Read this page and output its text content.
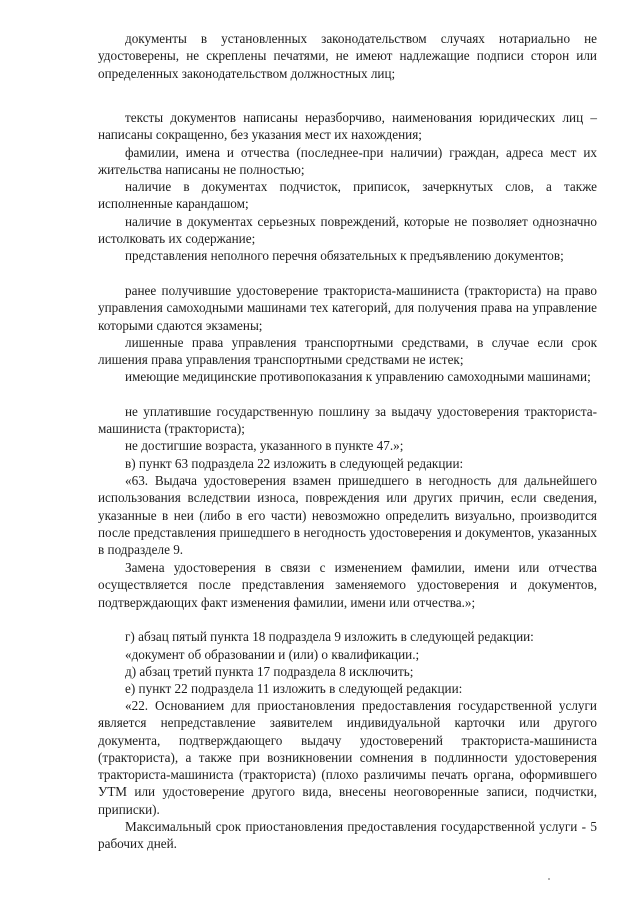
документы в установленных законодательством случаях нотариально не удостоверены, не скреплены печатями, не имеют надлежащие подписи сторон или определенных законодательством должностных лиц;

тексты документов написаны неразборчиво, наименования юридических лиц – написаны сокращенно, без указания мест их нахождения;

фамилии, имена и отчества (последнее-при наличии) граждан, адреса мест их жительства написаны не полностью;

наличие в документах подчисток, приписок, зачеркнутых слов, а также исполненные карандашом;

наличие в документах серьезных повреждений, которые не позволяет однозначно истолковать их содержание;

представления неполного перечня обязательных к предъявлению документов;

ранее получившие удостоверение тракториста-машиниста (тракториста) на право управления самоходными машинами тех категорий, для получения права на управление которыми сдаются экзамены;

лишенные права управления транспортными средствами, в случае если срок лишения права управления транспортными средствами не истек;

имеющие медицинские противопоказания к управлению самоходными машинами;

не уплатившие государственную пошлину за выдачу удостоверения тракториста-машиниста (тракториста);

не достигшие возраста, указанного в пункте 47.»;

в) пункт 63 подраздела 22 изложить в следующей редакции:

«63. Выдача удостоверения взамен пришедшего в негодность для дальнейшего использования вследствии износа, повреждения или других причин, если сведения, указанные в неи (либо в его части) невозможно определить визуально, производится после представления пришедшего в негодность удостоверения и документов, указанных в подразделе 9.

Замена удостоверения в связи с изменением фамилии, имени или отчества осуществляется после представления заменяемого удостоверения и документов, подтверждающих факт изменения фамилии, имени или отчества.»;

г) абзац пятый пункта 18 подраздела 9 изложить в следующей редакции:

«документ об образовании и (или) о квалификации.;

д) абзац третий пункта 17 подраздела 8 исключить;

е) пункт 22 подраздела 11 изложить в следующей редакции:

«22. Основанием для приостановления предоставления государственной услуги является непредставление заявителем индивидуальной карточки или другого документа, подтверждающего выдачу удостоверений тракториста-машиниста (тракториста), а также при возникновении сомнения в подлинности удостоверения тракториста-машиниста (тракториста) (плохо различимы печать органа, оформившего УТМ или удостоверение другого вида, внесены неоговоренные записи, подчистки, приписки).

Максимальный срок приостановления предоставления государственной услуги - 5 рабочих дней.
